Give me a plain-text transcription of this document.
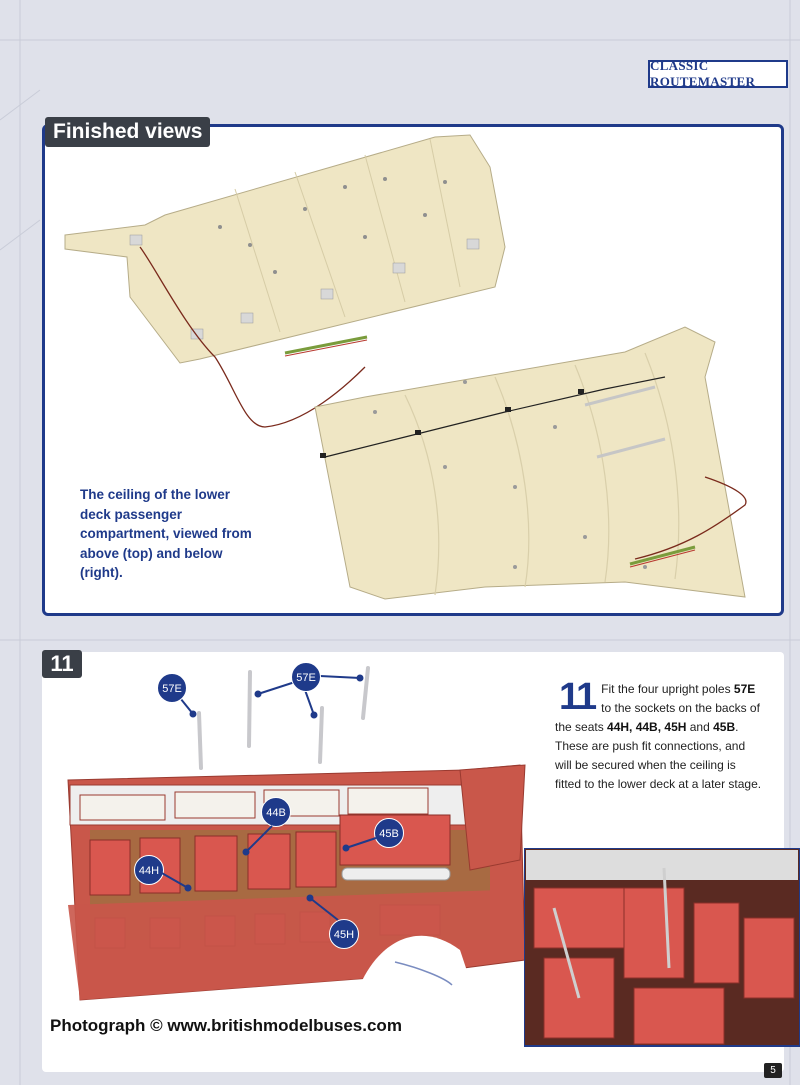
CLASSIC ROUTEMASTER
The ceiling of the lower deck passenger compartment, viewed from above (top) and below (right).
Finished views
11
57E
57E
44B
45B
44H
45H
11 Fit the four upright poles 57E to the sockets on the backs of the seats 44H, 44B, 45H and 45B. These are push fit connections, and will be secured when the ceiling is fitted to the lower deck at a later stage.
Photograph © www.britishmodelbuses.com
5
